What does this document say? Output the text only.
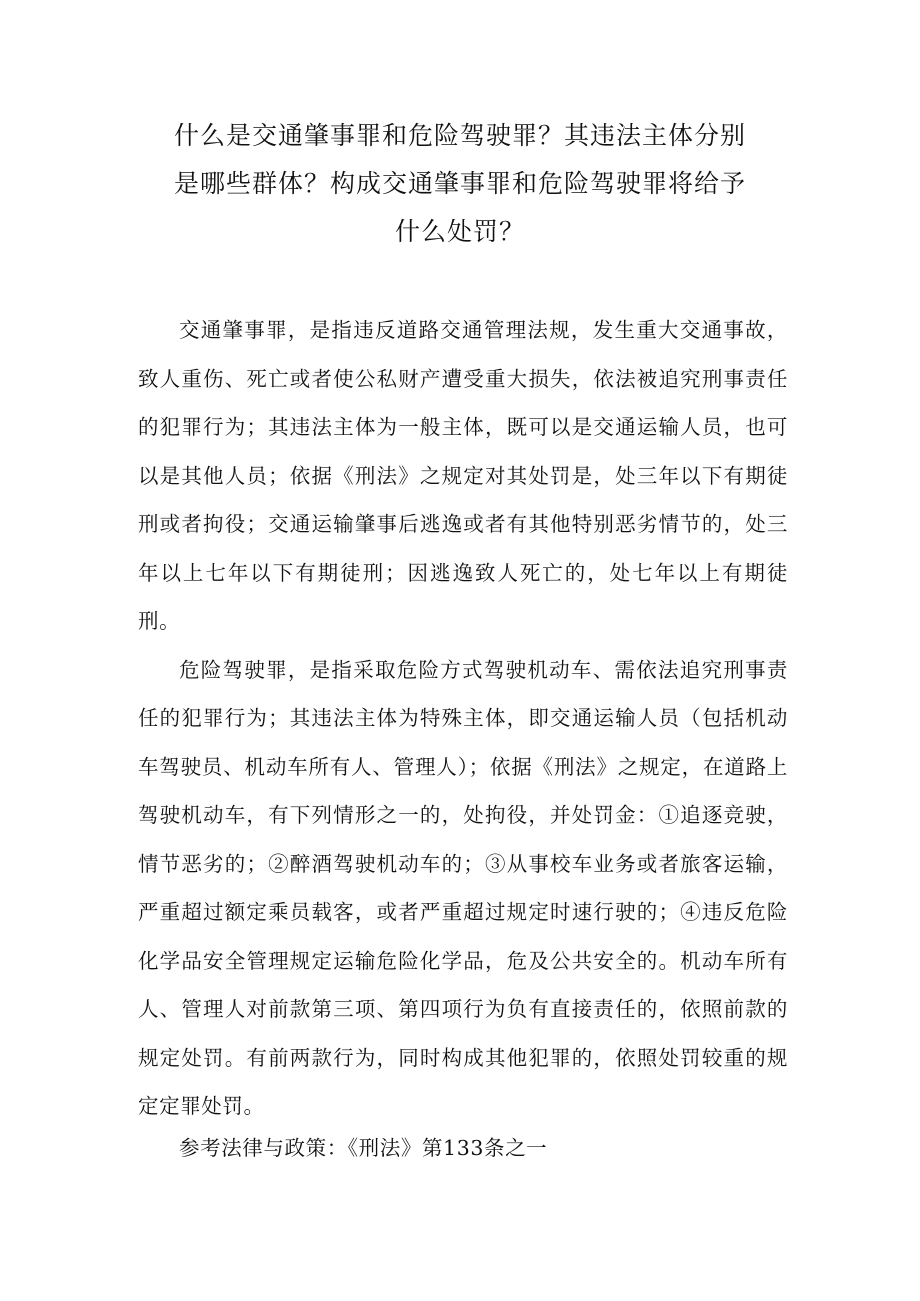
什么是交通肇事罪和危险驾驶罪？其违法主体分别
是哪些群体？构成交通肇事罪和危险驾驶罪将给予
什么处罚？

交通肇事罪，是指违反道路交通管理法规，发生重大交通事故，致人重伤、死亡或者使公私财产遭受重大损失，依法被追究刑事责任的犯罪行为；其违法主体为一般主体，既可以是交通运输人员，也可以是其他人员；依据《刑法》之规定对其处罚是，处三年以下有期徒刑或者拘役；交通运输肇事后逃逸或者有其他特别恶劣情节的，处三年以上七年以下有期徒刑；因逃逸致人死亡的，处七年以上有期徒刑。

危险驾驶罪，是指采取危险方式驾驶机动车、需依法追究刑事责任的犯罪行为；其违法主体为特殊主体，即交通运输人员（包括机动车驾驶员、机动车所有人、管理人）；依据《刑法》之规定，在道路上驾驶机动车，有下列情形之一的，处拘役，并处罚金：①追逐竞驶，情节恶劣的；②醉酒驾驶机动车的；③从事校车业务或者旅客运输，严重超过额定乘员载客，或者严重超过规定时速行驶的；④违反危险化学品安全管理规定运输危险化学品，危及公共安全的。机动车所有人、管理人对前款第三项、第四项行为负有直接责任的，依照前款的规定处罚。有前两款行为，同时构成其他犯罪的，依照处罚较重的规定定罪处罚。

参考法律与政策：《刑法》第133条之一
